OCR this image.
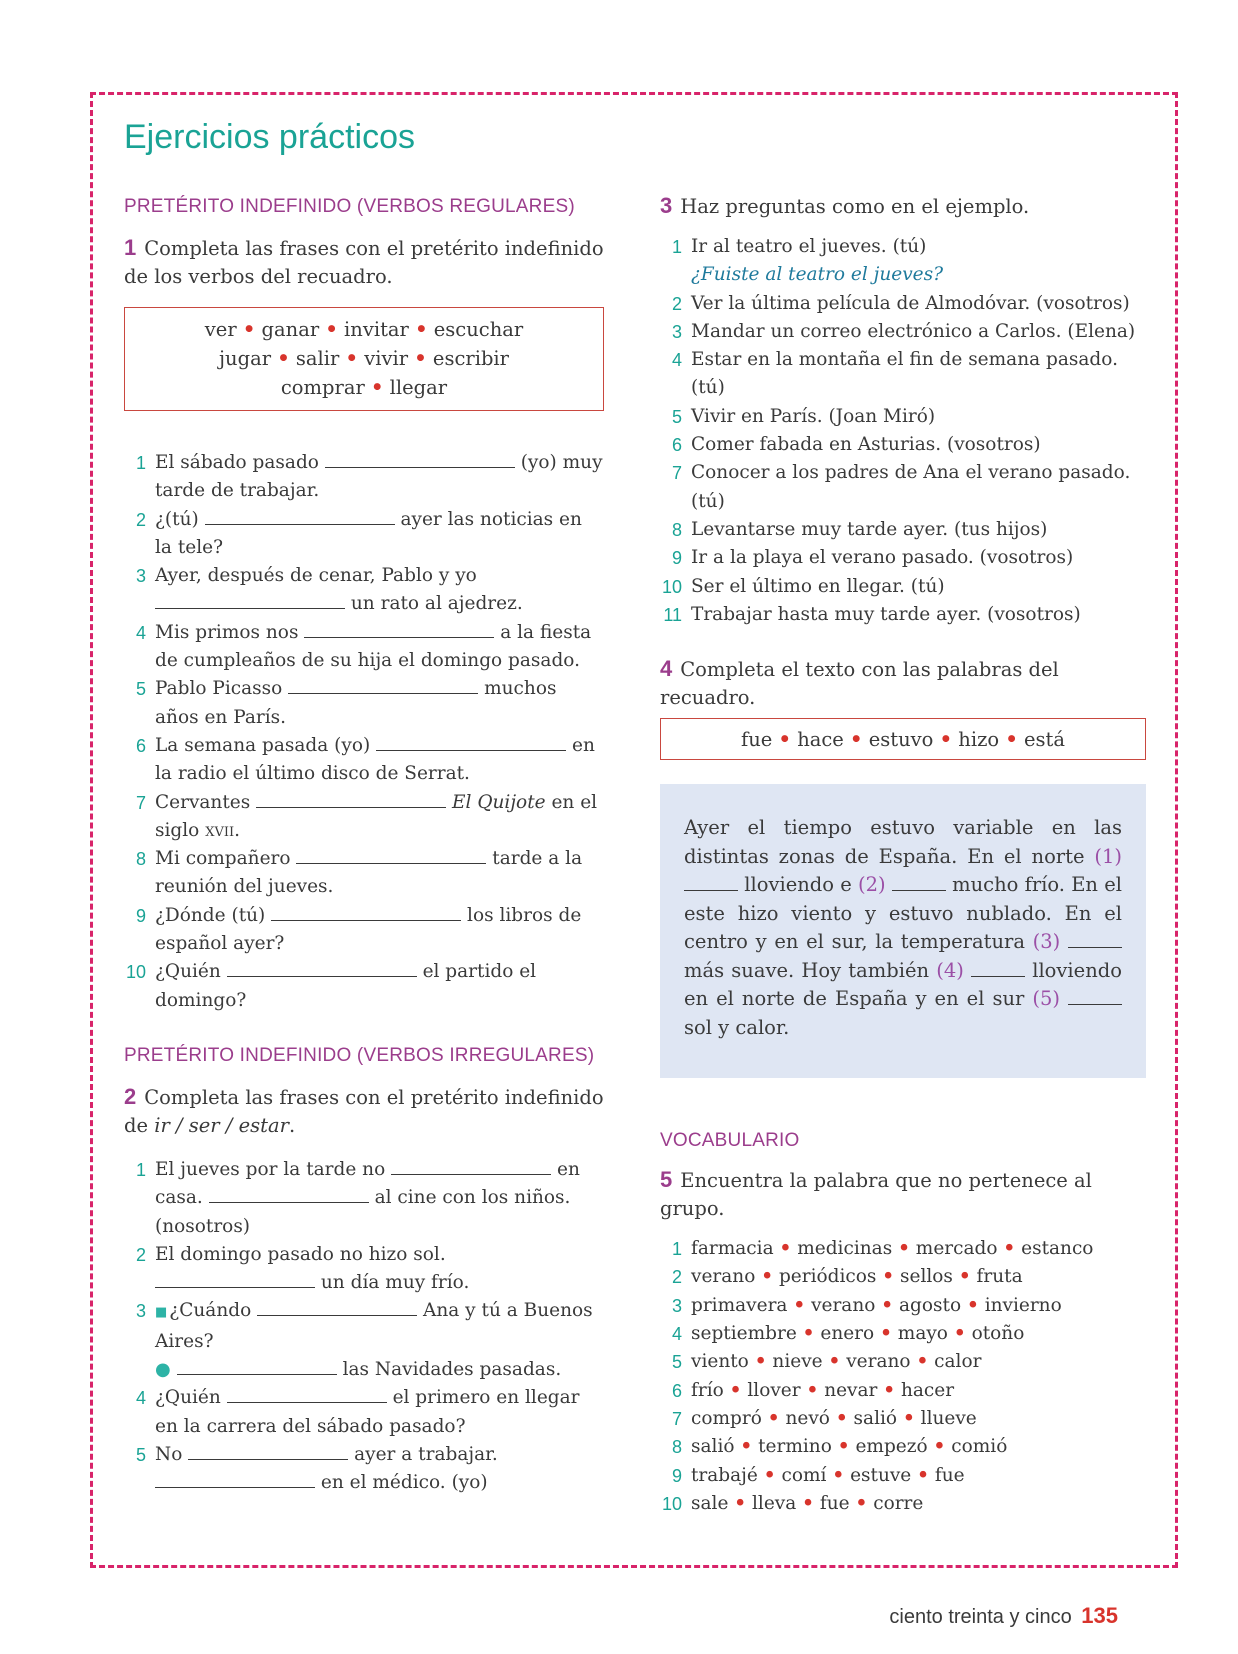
Ejercicios prácticos

PRETÉRITO INDEFINIDO (VERBOS REGULARES)

1 Completa las frases con el pretérito indefinido de los verbos del recuadro.

ver • ganar • invitar • escuchar
jugar • salir • vivir • escribir
comprar • llegar
1 El sábado pasado	(yo) muy tarde de trabajar.
2 ¿(tú)	ayer las noticias en la tele?
3 Ayer, después de cenar, Pablo y yo  un rato al ajedrez.
4 Mis primos nos	a la fiesta de cumpleaños de su hija el domingo pasado.
5 Pablo Picasso	muchos años en París.
6 La semana pasada (yo)	en la radio el último disco de Serrat.
7 Cervantes	El Quijote en el siglo xvii.
8 Mi compañero	tarde a la reunión del jueves.
9 ¿Dónde (tú)	los libros de español ayer?
10 ¿Quién	el partido el domingo?

PRETÉRITO INDEFINIDO (VERBOS IRREGULARES)

2 Completa las frases con el pretérito indefinido de ir / ser / estar.

1 El jueves por la tarde no	en casa.	al cine con los niños. (nosotros)
2 El domingo pasado no hizo sol.  un día muy frío.
3 ■ ¿Cuándo	Ana y tú a Buenos Aires?
●	las Navidades pasadas.
4 ¿Quién	el primero en llegar en la carrera del sábado pasado?
5 No	ayer a trabajar.
en el médico. (yo)

3 Haz preguntas como en el ejemplo.

1 Ir al teatro el jueves. (tú)
¿Fuiste al teatro el jueves?
2 Ver la última película de Almodóvar. (vosotros)
3 Mandar un correo electrónico a Carlos. (Elena)
4 Estar en la montaña el fin de semana pasado. (tú)
5 Vivir en París. (Joan Miró)
6 Comer fabada en Asturias. (vosotros)
7 Conocer a los padres de Ana el verano pasado. (tú)
8 Levantarse muy tarde ayer. (tus hijos)
9 Ir a la playa el verano pasado. (vosotros)
10 Ser el último en llegar. (tú)
11 Trabajar hasta muy tarde ayer. (vosotros)

4 Completa el texto con las palabras del recuadro.

fue • hace • estuvo • hizo • está
Ayer el tiempo estuvo variable en las distintas zonas de España. En el norte (1)  lloviendo e (2)	mucho frío. En el este hizo viento y estuvo nublado. En el centro y en el sur, la temperatura (3)  más suave. Hoy también (4)	lloviendo en el norte de España y en el sur (5)  sol y calor.

VOCABULARIO

5 Encuentra la palabra que no pertenece al grupo.

1 farmacia • medicinas • mercado • estanco
2 verano • periódicos • sellos • fruta
3 primavera • verano • agosto • invierno
4 septiembre • enero • mayo • otoño
5 viento • nieve • verano • calor
6 frío • llover • nevar • hacer
7 compró • nevó • salió • llueve
8 salió • termino • empezó • comió
9 trabajé • comí • estuve • fue
10 sale • lleva • fue • corre
ciento treinta y cinco 135
